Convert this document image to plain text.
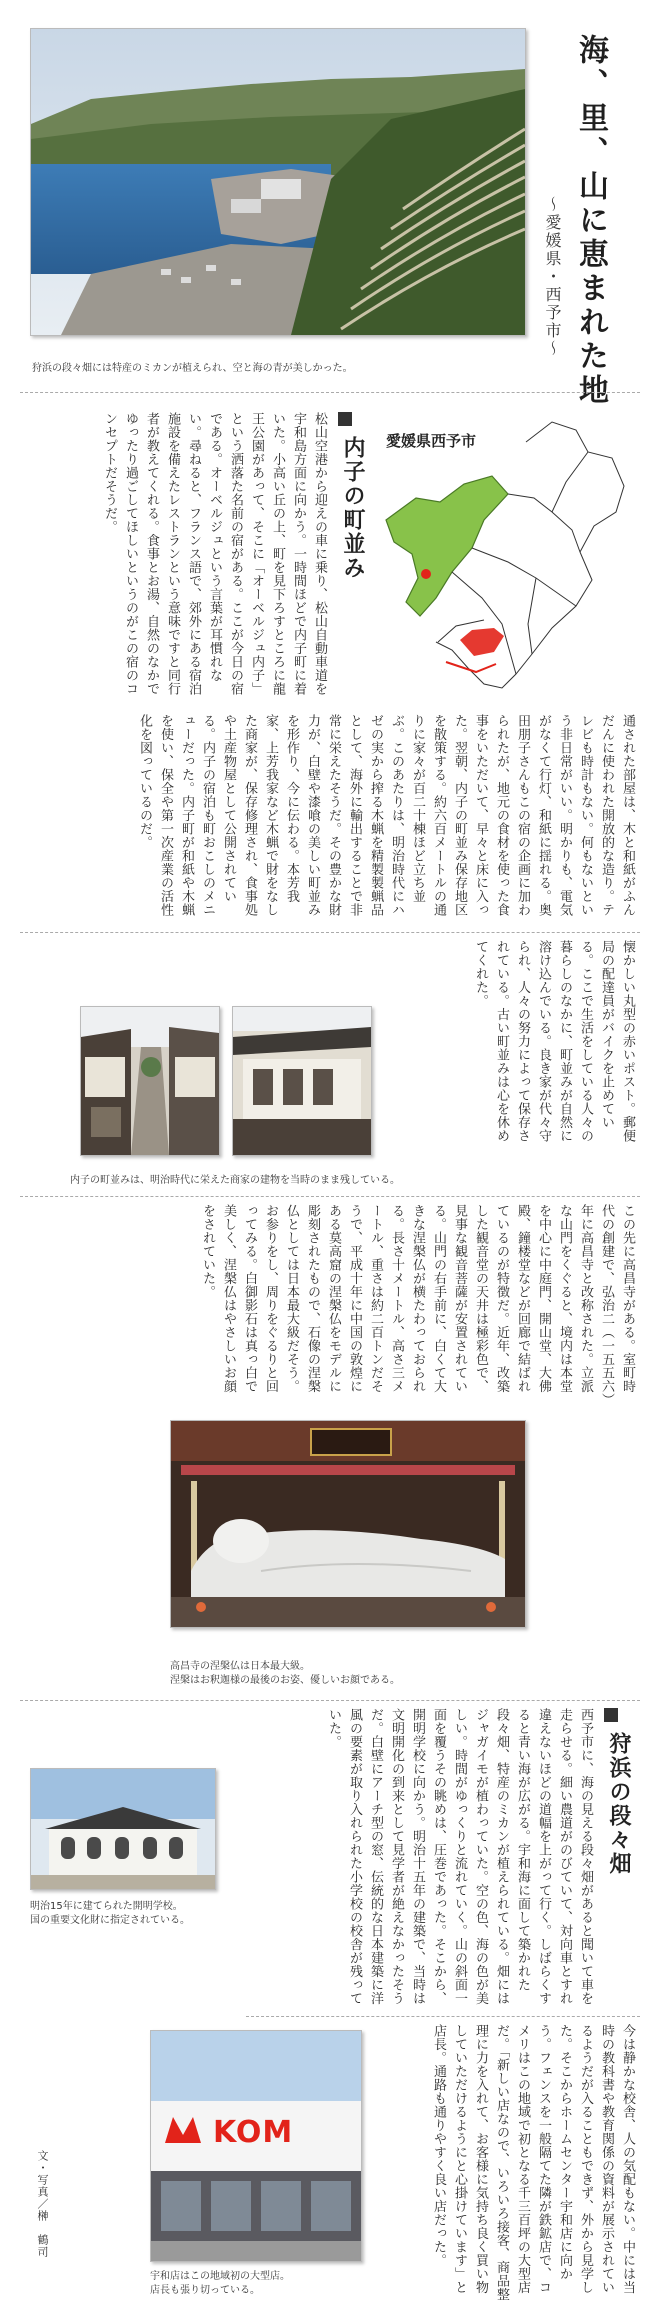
海、里、山に恵まれた地
～愛媛県・西予市～
狩浜の段々畑には特産のミカンが植えられ、空と海の青が美しかった。
愛媛県西予市
内子の町並み
松山空港から迎えの車に乗り、松山自動車道を宇和島方面に向かう。一時間ほどで内子町に着いた。小高い丘の上、町を見下ろすところに龍王公園があって、そこに「オーベルジュ内子」という洒落た名前の宿がある。ここが今日の宿である。オーベルジュという言葉が耳慣れない。尋ねると、フランス語で、郊外にある宿泊施設を備えたレストランという意味ですと同行者が教えてくれる。食事とお湯、自然のなかでゆったり過ごしてほしいというのがこの宿のコンセプトだそうだ。
通された部屋は、木と和紙がふんだんに使われた開放的な造り。テレビも時計もない。何もないという非日常がいい。明かりも、電気がなくて行灯、和紙に揺れる。奥田朋子さんもこの宿の企画に加わられたが、地元の食材を使った食事をいただいて、早々と床に入った。翌朝、内子の町並み保存地区を散策する。約六百メートルの通りに家々が百二十棟ほど立ち並ぶ。このあたりは、明治時代にハゼの実から搾る木蝋を精製製蝋品として、海外に輸出することで非常に栄えたそうだ。その豊かな財力が、白壁や漆喰の美しい町並みを形作り、今に伝わる。本芳我家、上芳我家など木蝋で財をなした商家が、保存修理され、食事処や土産物屋として公開されている。内子の宿泊も町おこしのメニューだった。内子町が和紙や木蝋を使い、保全や第一次産業の活性化を図っているのだ。
懐かしい丸型の赤いポスト。郵便局の配達員がバイクを止めている。ここで生活をしている人々の暮らしのなかに、町並みが自然に溶け込んでいる。良き家が代々守られ、人々の努力によって保存されている。古い町並みは心を休めてくれた。
内子の町並みは、明治時代に栄えた商家の建物を当時のまま残している。
この先に高昌寺がある。室町時代の創建で、弘治二（一五五六）年に高昌寺と改称された。立派な山門をくぐると、境内は本堂を中心に中庭門、開山堂、大佛殿、鐘楼堂などが回廊で結ばれているのが特徴だ。近年、改築した観音堂の天井は極彩色で、見事な観音菩薩が安置されている。山門の右手前に、白くて大きな涅槃仏が横たわっておられる。長さ十メートル、高さ三メートル、重さは約二百トンだそうで、平成十年に中国の敦煌にある莫高窟の涅槃仏をモデルに彫刻されたもので、石像の涅槃仏としては日本最大級だそう。お参りをし、周りをぐるりと回ってみる。白御影石は真っ白で美しく、涅槃仏はやさしいお顔をされていた。
高昌寺の涅槃仏は日本最大級。
涅槃はお釈迦様の最後のお姿、優しいお顔である。
狩浜の段々畑
西予市に、海の見える段々畑があると聞いて車を走らせる。細い農道がのびていて、対向車とすれ違えないほどの道幅を上がって行く。しばらくすると青い海が広がる。宇和海に面して築かれた段々畑、特産のミカンが植えられている。畑にはジャガイモが植わっていた。空の色、海の色が美しい。時間がゆっくりと流れていく。山の斜面一面を覆うその眺めは、圧巻であった。そこから、開明学校に向かう。明治十五年の建築で、当時は文明開化の到来として見学者が絶えなかったそうだ。白壁にアーチ型の窓、伝統的な日本建築に洋風の要素が取り入れられた小学校の校舎が残っていた。
明治15年に建てられた開明学校。
国の重要文化財に指定されている。
今は静かな校舎、人の気配もない。中には当時の教科書や教育関係の資料が展示されているようだが入ることもできず、外から見学した。そこからホームセンター宇和店に向かう。フェンスを一般隔てた隣が鉄鉱店で、コメリはこの地域で初となる千三百坪の大型店だ。「新しい店なので、いろいろ接客、商品整理に力を入れて、お客様に気持ち良く買い物していただけるようにと心掛けています」と店長。通路も通りやすく良い店だった。
KOM
宇和店はこの地域初の大型店。
店長も張り切っている。
文・写真／榊　鶴司
